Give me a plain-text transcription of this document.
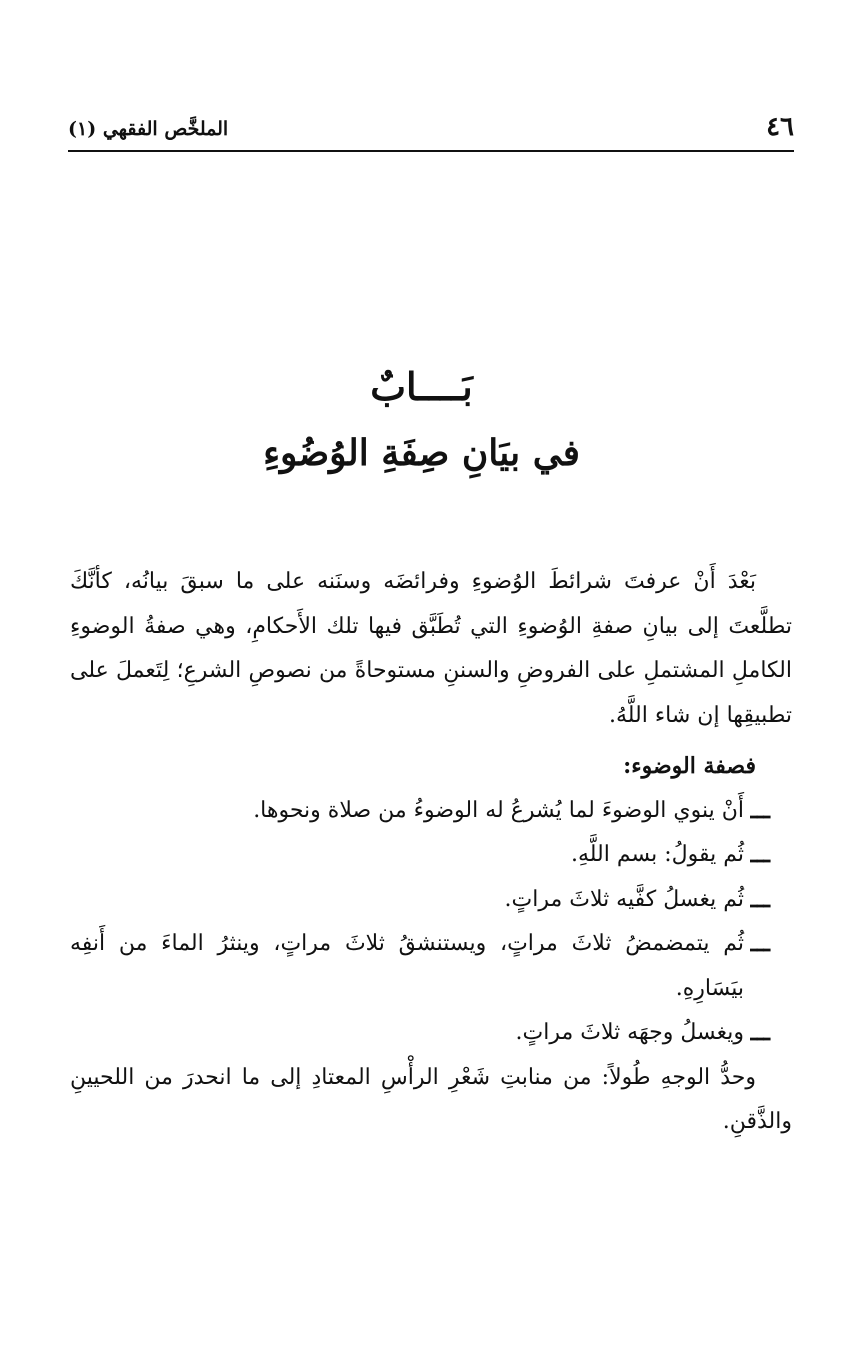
٤٦
الملخَّص الفقهي (١)
بَــــابٌ
في بيَانِ صِفَةِ الوُضُوءِ

بَعْدَ أَنْ عرفتَ شرائطَ الوُضوءِ وفرائضَه وسنَنه على ما سبقَ بيانُه، كأنَّكَ تطلَّعتَ إلى بيانِ صفةِ الوُضوءِ التي تُطَبَّق فيها تلك الأَحكامِ، وهي صفةُ الوضوءِ الكاملِ المشتملِ على الفروضِ والسننِ مستوحاةً من نصوصِ الشرعِ؛ لِتَعملَ على تطبيقِها إن شاء اللَّهُ.

فصفة الوضوء:

ـــ
أَنْ ينوي الوضوءَ لما يُشرعُ له الوضوءُ من صلاة ونحوها.
ـــ
ثُم يقولُ: بسم اللَّهِ.
ـــ
ثُم يغسلُ كفَّيه ثلاثَ مراتٍ.
ـــ
ثُم يتمضمضُ ثلاثَ مراتٍ، ويستنشقُ ثلاثَ مراتٍ، وينثرُ الماءَ من أَنفِه بيَسَارِهِ.
ـــ
ويغسلُ وجهَه ثلاثَ مراتٍ.

وحدُّ الوجهِ طُولاً: من منابتِ شَعْرِ الرأْسِ المعتادِ إلى ما انحدرَ من اللحيينِ والذَّقنِ.
